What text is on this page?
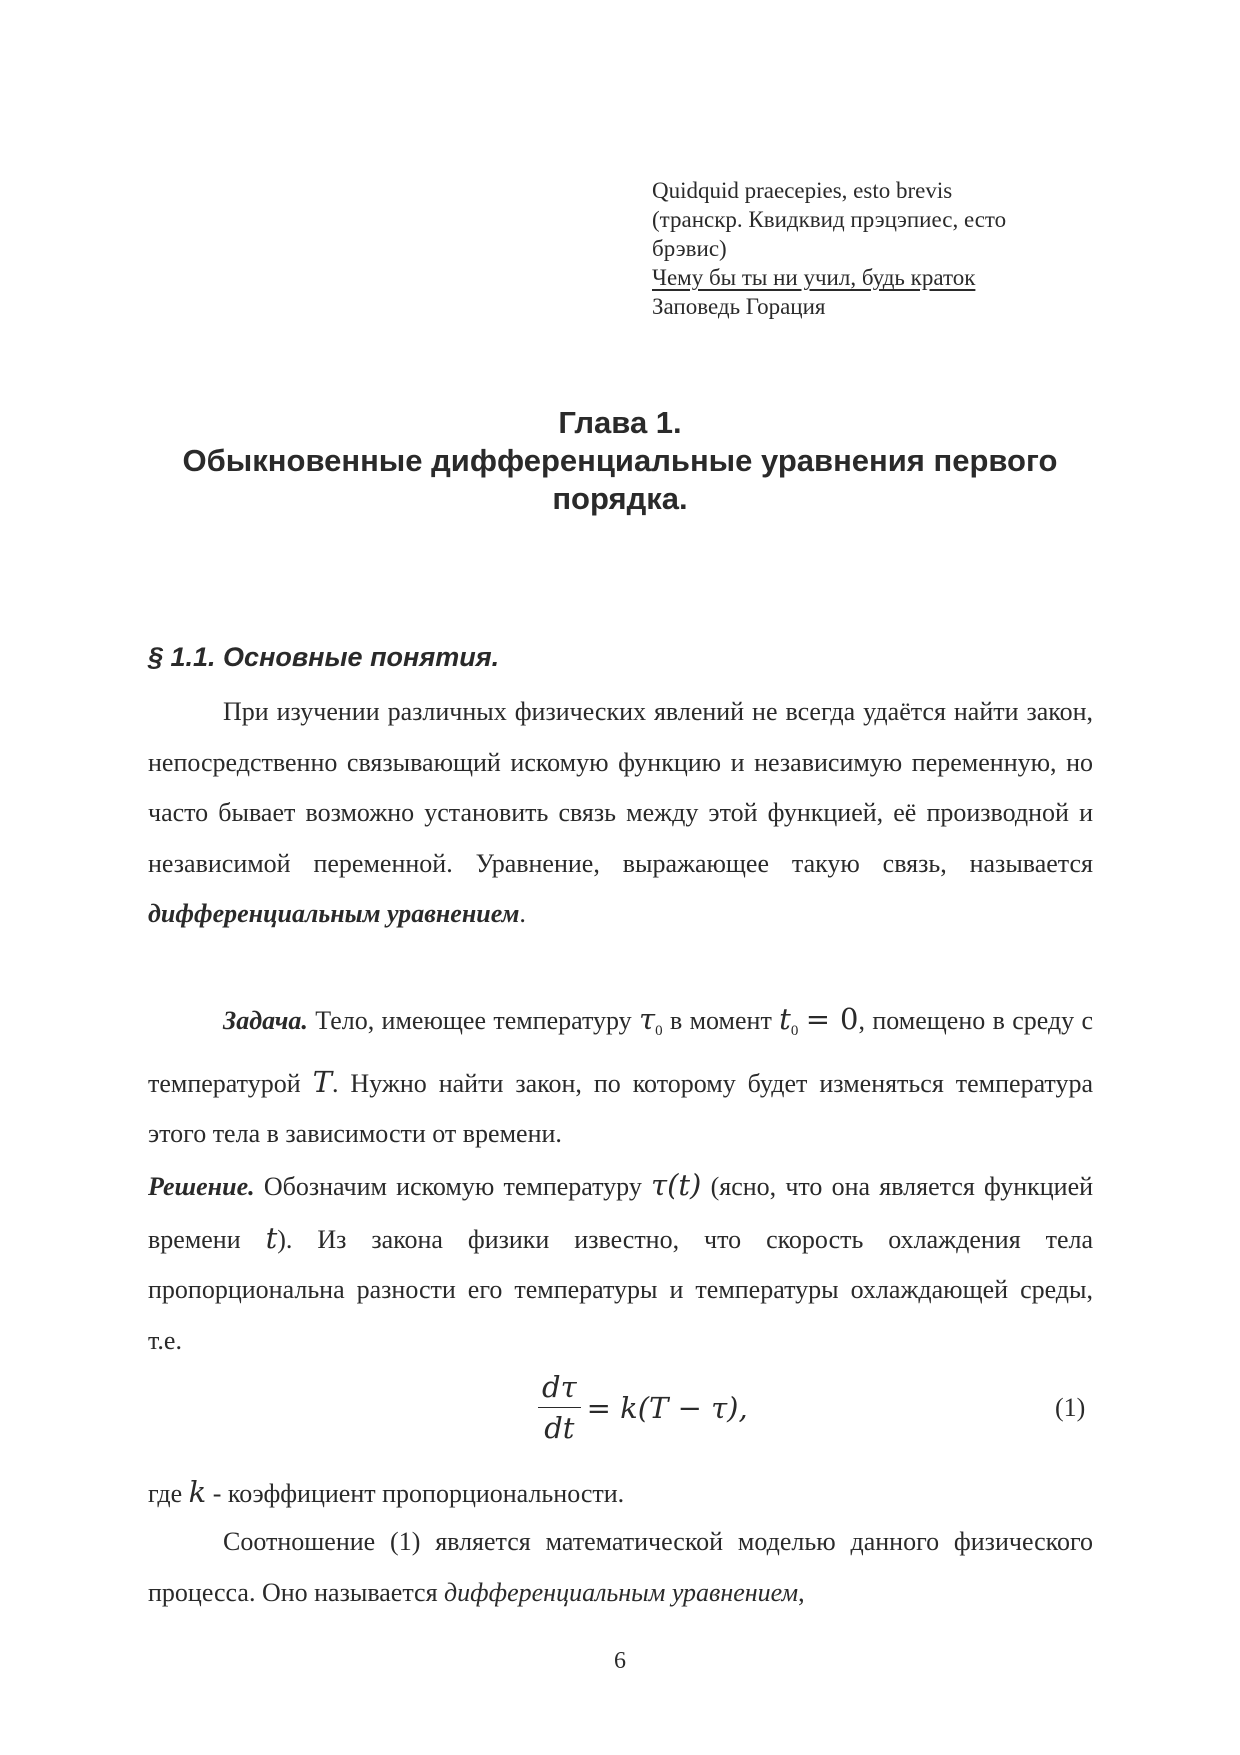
Quidquid praecepies, esto brevis
(транскр. Квидквид прэцэпиес, есто
брэвис)
Чему бы ты ни учил, будь краток
Заповедь Горация
Глава 1.
Обыкновенные дифференциальные уравнения первого
порядка.
§ 1.1. Основные понятия.
При изучении различных физических явлений не всегда удаётся найти закон, непосредственно связывающий искомую функцию и независимую переменную, но часто бывает возможно установить связь между этой функцией, её производной и независимой переменной. Уравнение, выражающее такую связь, называется дифференциальным уравнением.
Задача. Тело, имеющее температуру $\tau_0$ в момент $t_0 = 0$, помещено в среду с температурой T. Нужно найти закон, по которому будет изменяться температура этого тела в зависимости от времени.
Решение. Обозначим искомую температуру τ(t) (ясно, что она является функцией времени t). Из закона физики известно, что скорость охлаждения тела пропорциональна разности его температуры и температуры охлаждающей среды, т.е.
$\frac{d\tau}{dt} = k(T - \tau)$,	(1)
где k - коэффициент пропорциональности.
Соотношение (1) является математической моделью данного физического процесса. Оно называется дифференциальным уравнением,
6
